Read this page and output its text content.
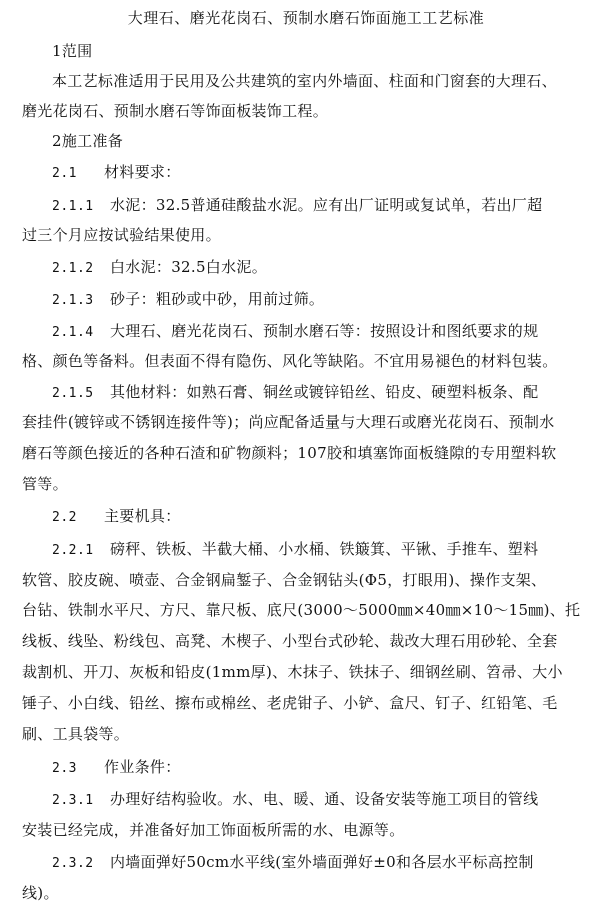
大理石、磨光花岗石、预制水磨石饰面施工工艺标准
1范围
本工艺标准适用于民用及公共建筑的室内外墙面、柱面和门窗套的大理石、
磨光花岗石、预制水磨石等饰面板装饰工程。
2施工准备
2.1 材料要求：
2.1.1 水泥：32.5普通硅酸盐水泥。应有出厂证明或复试单，若出厂超
过三个月应按试验结果使用。
2.1.2 白水泥：32.5白水泥。
2.1.3 砂子：粗砂或中砂，用前过筛。
2.1.4 大理石、磨光花岗石、预制水磨石等：按照设计和图纸要求的规
格、颜色等备料。但表面不得有隐伤、风化等缺陷。不宜用易褪色的材料包装。
2.1.5 其他材料：如熟石膏、铜丝或镀锌铅丝、铅皮、硬塑料板条、配
套挂件(镀锌或不锈钢连接件等)；尚应配备适量与大理石或磨光花岗石、预制水
磨石等颜色接近的各种石渣和矿物颜料；107胶和填塞饰面板缝隙的专用塑料软
管等。
2.2 主要机具：
2.2.1 磅秤、铁板、半截大桶、小水桶、铁簸箕、平锹、手推车、塑料
软管、胶皮碗、喷壶、合金钢扁錾子、合金钢钻头(Φ5，打眼用)、操作支架、
台钻、铁制水平尺、方尺、靠尺板、底尺(3000～5000㎜×40㎜×10～15㎜)、托
线板、线坠、粉线包、高凳、木楔子、小型台式砂轮、裁改大理石用砂轮、全套
裁割机、开刀、灰板和铅皮(1mm厚)、木抹子、铁抹子、细钢丝刷、笤帚、大小
锤子、小白线、铅丝、擦布或棉丝、老虎钳子、小铲、盒尺、钉子、红铅笔、毛
刷、工具袋等。
2.3 作业条件：
2.3.1 办理好结构验收。水、电、暖、通、设备安装等施工项目的管线
安装已经完成，并准备好加工饰面板所需的水、电源等。
2.3.2 内墙面弹好50cm水平线(室外墙面弹好±0和各层水平标高控制
线)。
